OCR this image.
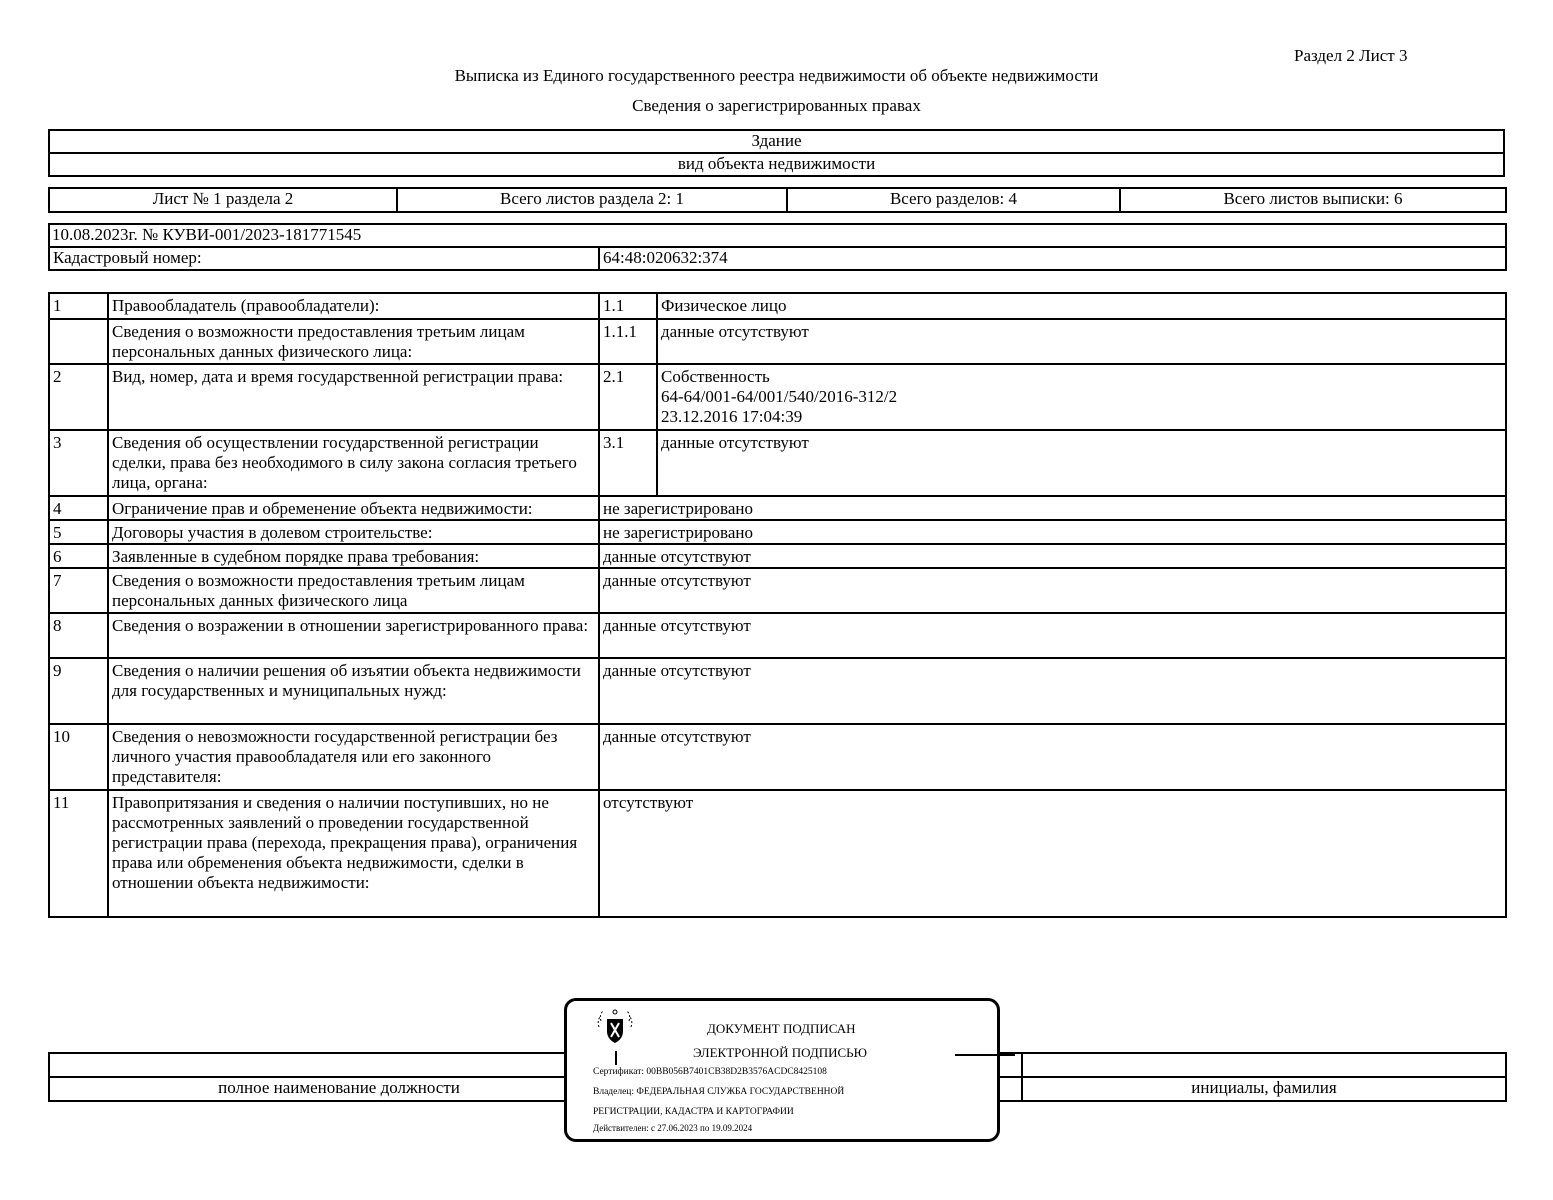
Раздел 2 Лист 3
Выписка из Единого государственного реестра недвижимости об объекте недвижимости
Сведения о зарегистрированных правах
Здание
вид объекта недвижимости
Лист № 1 раздела 2	Всего листов раздела 2: 1	Всего разделов: 4	Всего листов выписки: 6
10.08.2023г. № КУВИ-001/2023-181771545
Кадастровый номер:	64:48:020632:374
1	Правообладатель (правообладатели):	1.1	Физическое лицо
	Сведения о возможности предоставления третьим лицам персональных данных физического лица:	1.1.1	данные отсутствуют
2	Вид, номер, дата и время государственной регистрации права:	2.1	Собственность
64-64/001-64/001/540/2016-312/2
23.12.2016 17:04:39

3	Сведения об осуществлении государственной регистрации сделки, права без необходимого в силу закона согласия третьего лица, органа:	3.1	данные отсутствуют
4	Ограничение прав и обременение объекта недвижимости:	не зарегистрировано	
5	Договоры участия в долевом строительстве:	не зарегистрировано	
6	Заявленные в судебном порядке права требования:	данные отсутствуют	
7	Сведения о возможности предоставления третьим лицам персональных данных физического лица	данные отсутствуют	
8	Сведения о возражении в отношении зарегистрированного права:	данные отсутствуют	
9	Сведения о наличии решения об изъятии объекта недвижимости для государственных и муниципальных нужд:	данные отсутствуют	
10	Сведения о невозможности государственной регистрации без личного участия правообладателя или его законного представителя:	данные отсутствуют	
11	Правопритязания и сведения о наличии поступивших, но не рассмотренных заявлений о проведении государственной регистрации права (перехода, прекращения права), ограничения права или обременения объекта недвижимости, сделки в отношении объекта недвижимости:	отсутствуют	

полное наименование должности		инициалы, фамилия
ДОКУМЕНТ ПОДПИСАН
ЭЛЕКТРОННОЙ ПОДПИСЬЮ
Сертификат: 00BB056B7401CB38D2B3576ACDC8425108
Владелец: ФЕДЕРАЛЬНАЯ СЛУЖБА ГОСУДАРСТВЕННОЙ
РЕГИСТРАЦИИ, КАДАСТРА И КАРТОГРАФИИ
Действителен: с 27.06.2023 по 19.09.2024
